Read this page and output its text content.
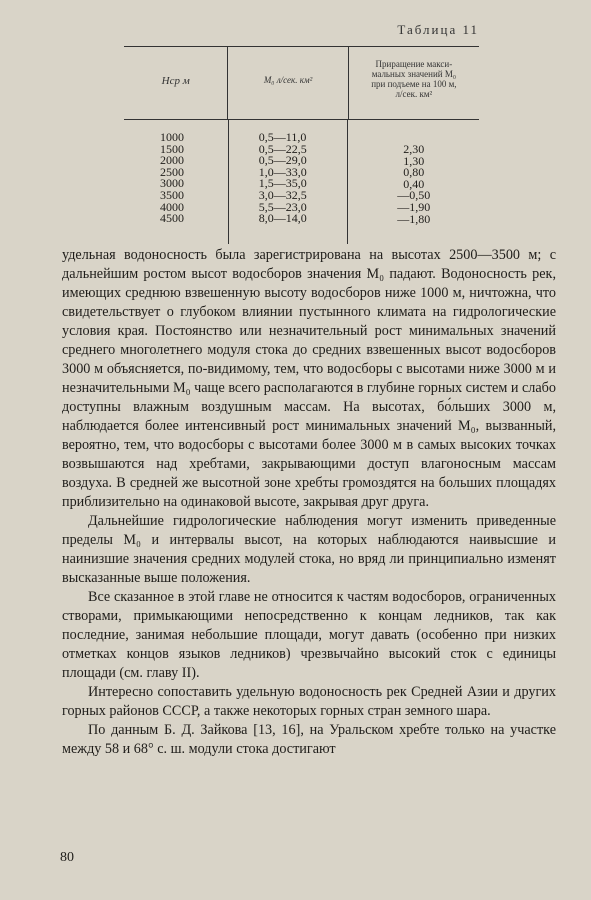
Таблица 11
Нср м	M₀ л/сек. км²
Приращение макси-
мальных значений M₀
при подъеме на 100 м,
л/сек. км²
1000
1500
2000
2500
3000
3500
4000
4500
0,5—11,0
0,5—22,5
0,5—29,0
1,0—33,0
1,5—35,0
3,0—32,5
5,5—23,0
8,0—14,0
2,30
1,30
0,80
0,40
—0,50
—1,90
—1,80

удельная водоносность была зарегистрирована на высотах 2500—3500 м; с дальнейшим ростом высот водосборов значения M₀ падают. Водоносность рек, имеющих среднюю взвешенную высоту водосборов ниже 1000 м, ничтожна, что свидетельствует о глубоком влиянии пустынного климата на гидрологические условия края. Постоянство или незначительный рост минимальных значений среднего многолетнего модуля стока до средних взвешенных высот водосборов 3000 м объясняется, по-видимому, тем, что водосборы с высотами ниже 3000 м и незначительными M₀ чаще всего располагаются в глубине горных систем и слабо доступны влажным воздушным массам. На высотах, бо́льших 3000 м, наблюдается более интенсивный рост минимальных значений M₀, вызванный, вероятно, тем, что водосборы с высотами более 3000 м в самых высоких точках возвышаются над хребтами, закрывающими доступ влагоносным массам воздуха. В средней же высотной зоне хребты громоздятся на больших площадях приблизительно на одинаковой высоте, закрывая друг друга.

Дальнейшие гидрологические наблюдения могут изменить приведенные пределы M₀ и интервалы высот, на которых наблюдаются наивысшие и наинизшие значения средних модулей стока, но вряд ли принципиально изменят высказанные выше положения.

Все сказанное в этой главе не относится к частям водосборов, ограниченных створами, примыкающими непосредственно к концам ледников, так как последние, занимая небольшие площади, могут давать (особенно при низких отметках концов языков ледников) чрезвычайно высокий сток с единицы площади (см. главу II).

Интересно сопоставить удельную водоносность рек Средней Азии и других горных районов СССР, а также некоторых горных стран земного шара.

По данным Б. Д. Зайкова [13, 16], на Уральском хребте только на участке между 58 и 68° с. ш. модули стока достигают

80
